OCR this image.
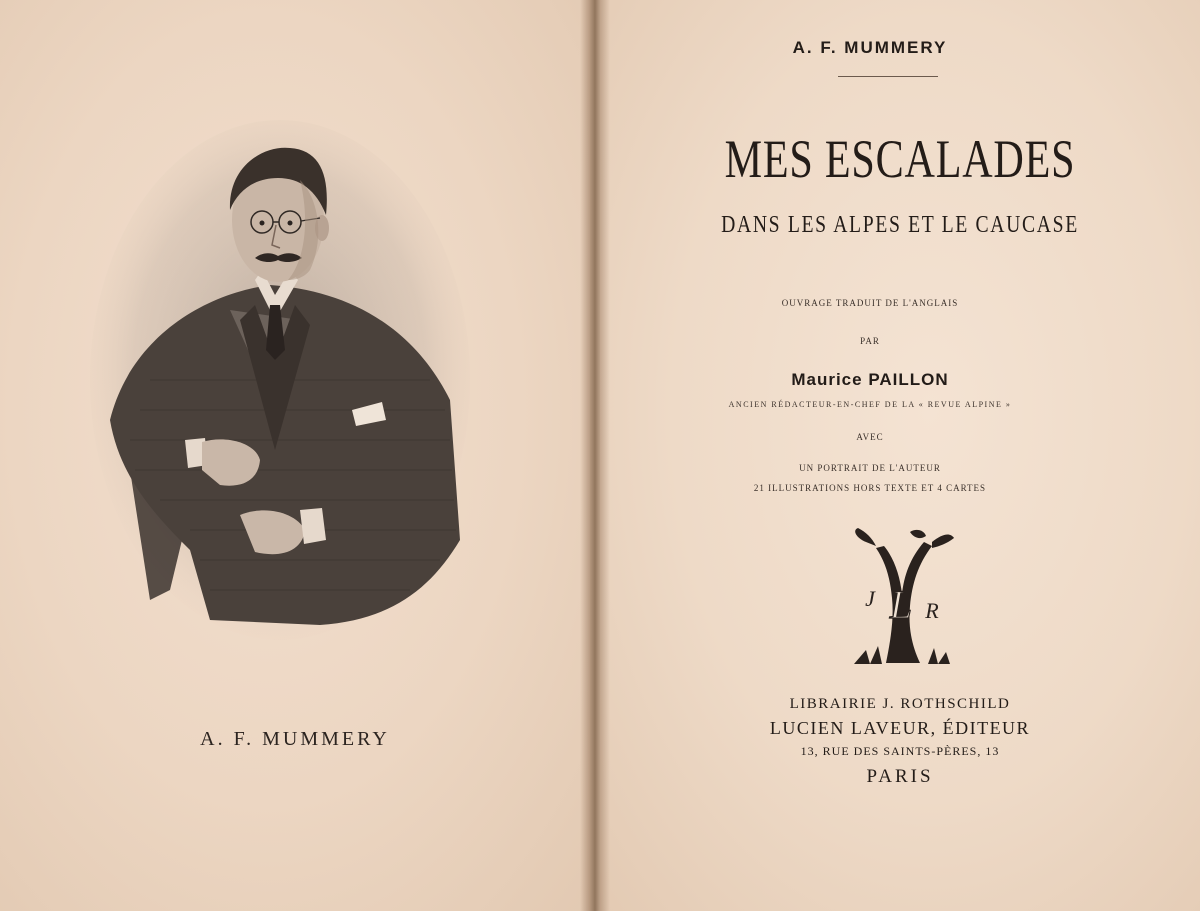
A. F. MUMMERY
A. F. MUMMERY
MES ESCALADES
DANS LES ALPES ET LE CAUCASE
OUVRAGE TRADUIT DE L'ANGLAIS
PAR
Maurice PAILLON
ANCIEN RÉDACTEUR-EN-CHEF DE LA « REVUE ALPINE »
AVEC
UN PORTRAIT DE L'AUTEUR
21 ILLUSTRATIONS HORS TEXTE ET 4 CARTES
L
J R
LIBRAIRIE J. ROTHSCHILD
LUCIEN LAVEUR, ÉDITEUR
13, RUE DES SAINTS-PÈRES, 13
PARIS
